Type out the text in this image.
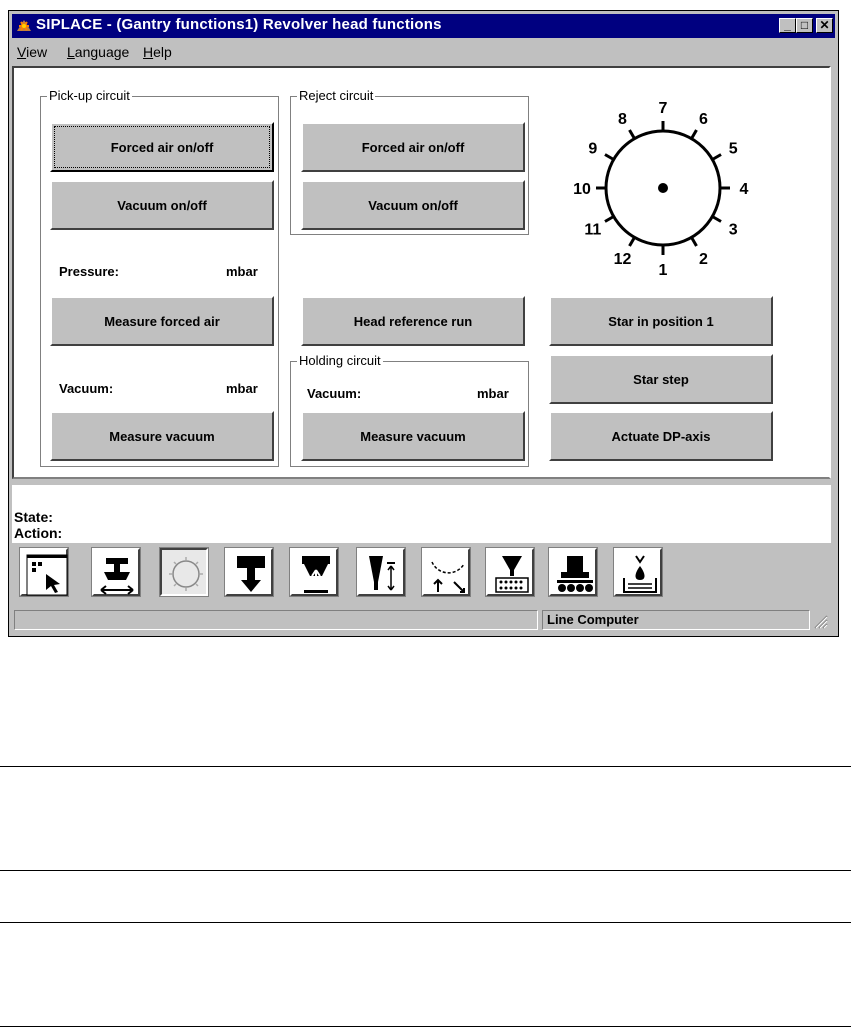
SIPLACE - (Gantry functions1) Revolver head functions	_ □ ✕
View Language Help
Pick-up circuit
Forced air on/off
Vacuum on/off
Pressure:	mbar
Measure forced air
Vacuum:	mbar
Measure vacuum
Reject circuit
Forced air on/off
Vacuum on/off
Head reference run
Holding circuit
Vacuum:	mbar
Measure vacuum
1
2
3
4
5
6
7
8
9
10
11
12
Star in position 1
Star step
Actuate DP-axis
State:
Action:
Line Computer
